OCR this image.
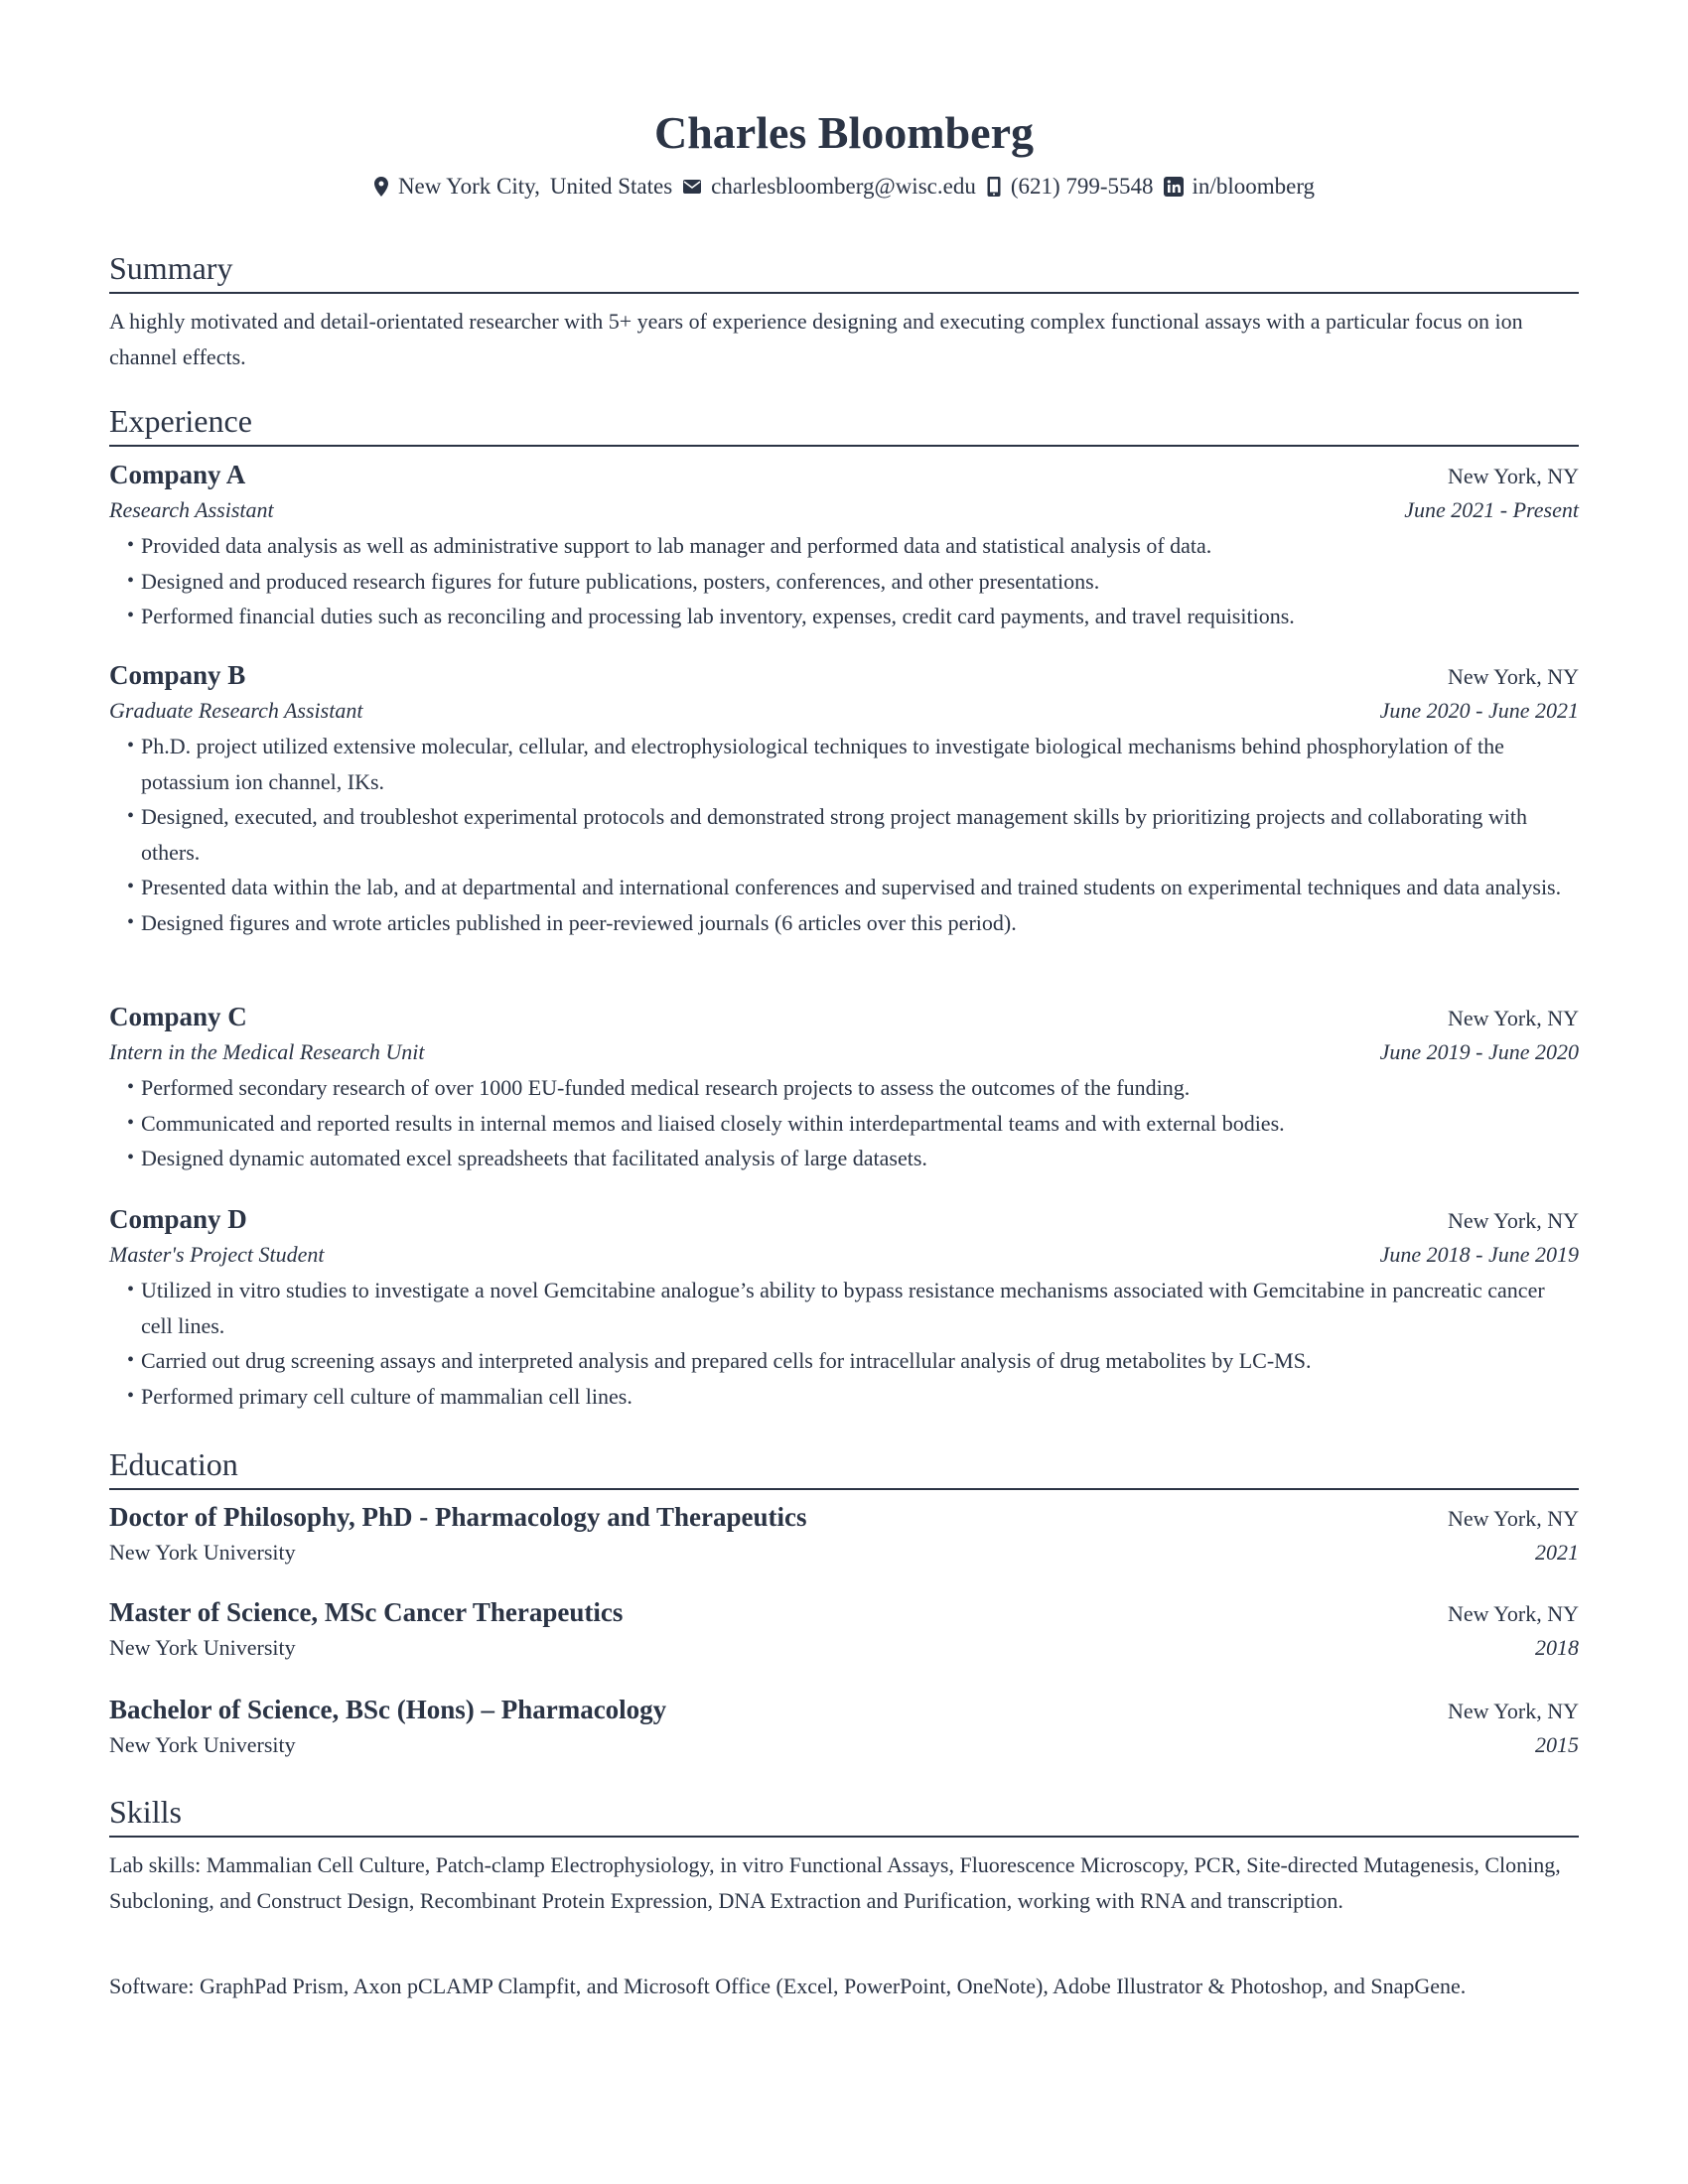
Charles Bloomberg
New York City, United States charlesbloomberg@wisc.edu (621) 799-5548 in/bloomberg
Summary
A highly motivated and detail-orientated researcher with 5+ years of experience designing and executing complex functional assays with a particular focus on ion channel effects.
Experience
Company A	New York, NY
Research Assistant	June 2021 - Present
• Provided data analysis as well as administrative support to lab manager and performed data and statistical analysis of data.
• Designed and produced research figures for future publications, posters, conferences, and other presentations.
• Performed financial duties such as reconciling and processing lab inventory, expenses, credit card payments, and travel requisitions.
Company B	New York, NY
Graduate Research Assistant	June 2020 - June 2021
• Ph.D. project utilized extensive molecular, cellular, and electrophysiological techniques to investigate biological mechanisms behind phosphorylation of the potassium ion channel, IKs.
• Designed, executed, and troubleshot experimental protocols and demonstrated strong project management skills by prioritizing projects and collaborating with others.
• Presented data within the lab, and at departmental and international conferences and supervised and trained students on experimental techniques and data analysis.
• Designed figures and wrote articles published in peer-reviewed journals (6 articles over this period).
Company C	New York, NY
Intern in the Medical Research Unit	June 2019 - June 2020
• Performed secondary research of over 1000 EU-funded medical research projects to assess the outcomes of the funding.
• Communicated and reported results in internal memos and liaised closely within interdepartmental teams and with external bodies.
• Designed dynamic automated excel spreadsheets that facilitated analysis of large datasets.
Company D	New York, NY
Master's Project Student	June 2018 - June 2019
• Utilized in vitro studies to investigate a novel Gemcitabine analogue’s ability to bypass resistance mechanisms associated with Gemcitabine in pancreatic cancer cell lines.
• Carried out drug screening assays and interpreted analysis and prepared cells for intracellular analysis of drug metabolites by LC-MS.
• Performed primary cell culture of mammalian cell lines.
Education
Doctor of Philosophy, PhD - Pharmacology and Therapeutics	New York, NY
New York University	2021
Master of Science, MSc Cancer Therapeutics	New York, NY
New York University	2018
Bachelor of Science, BSc (Hons) – Pharmacology	New York, NY
New York University	2015
Skills
Lab skills: Mammalian Cell Culture, Patch-clamp Electrophysiology, in vitro Functional Assays, Fluorescence Microscopy, PCR, Site-directed Mutagenesis, Cloning, Subcloning, and Construct Design, Recombinant Protein Expression, DNA Extraction and Purification, working with RNA and transcription.
Software: GraphPad Prism, Axon pCLAMP Clampfit, and Microsoft Office (Excel, PowerPoint, OneNote), Adobe Illustrator & Photoshop, and SnapGene.
